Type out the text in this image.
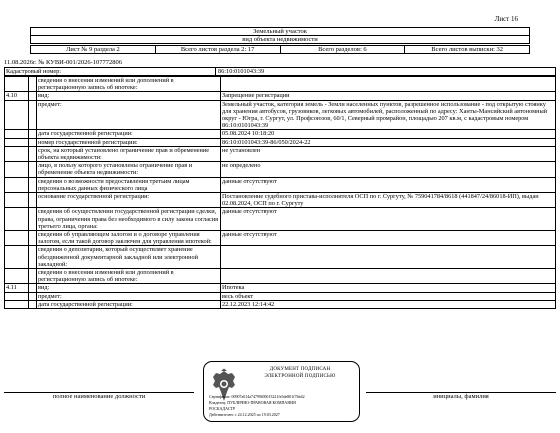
Лист 16
Земельный участок
вид объекта недвижимости
Лист № 9 раздела 2	Всего листов раздела 2: 17	Всего разделов: 6	Всего листов выписки: 32
11.08.2026г. № КУВИ-001/2026-107772806
Кадастровый номер:	86:10:0101043:39
		сведения о внесении изменений или дополнений в регистрационную запись об ипотеке:	
4.10		вид:	Запрещение регистрации
		предмет:	Земельный участок, категория земель - Земли населенных пунктов, разрешенное использование - под открытую стоянку для хранения автобусов, грузовиков, легковых автомобилей, расположенный по адресу: Ханты-Мансийский автономный округ - Югра, г. Сургут, ул. Профсоюзов, 60/1, Северный промрайон, площадью 207 кв.м, с кадастровым номером 86:10:0101043:39
		дата государственной регистрации:	05.08.2024 10:18:20
		номер государственной регистрации:	86:10:0101043:39-86/050/2024-22
		срок, на который установлено ограничение прав и обременение объекта недвижимости:	не установлен
		лицо, в пользу которого установлены ограничение прав и обременение объекта недвижимости:	не определено
		сведения о возможности предоставления третьим лицам персональных данных физического лица	данные отсутствуют
		основание государственной регистрации:	Постановление судебного пристава-исполнителя ОСП по г. Сургуту, № 759041784/8618 (441847/24/86018-ИП), выдан 02.08.2024, ОСП по г. Сургуту
		сведения об осуществлении государственной регистрации сделки, права, ограничения права без необходимого в силу закона согласия третьего лица, органа:	данные отсутствуют
		сведения об управляющем залогом и о договоре управления залогом, если такой договор заключен для управления ипотекой:	данные отсутствуют
		сведения о депозитарии, который осуществляет хранение обездвиженной документарной закладной или электронной закладной:	
		сведения о внесении изменений или дополнений в регистрационную запись об ипотеке:	
4.11		вид:	Ипотека
		предмет:	весь объект
		дата государственной регистрации:	22.12.2023 12:14:42
полное наименование должности	инициалы, фамилия
ДОКУМЕНТ ПОДПИСАН
ЭЛЕКТРОННОЙ ПОДПИСЬЮ
Сертификат: 00907a014a74799f00015221fe5de801f7bb42
Владелец: ПУБЛИЧНО-ПРАВОВАЯ КОМПАНИЯ
РОСКАДАСТР
Действителен: с 24.12.2025 по 19.03.2027
